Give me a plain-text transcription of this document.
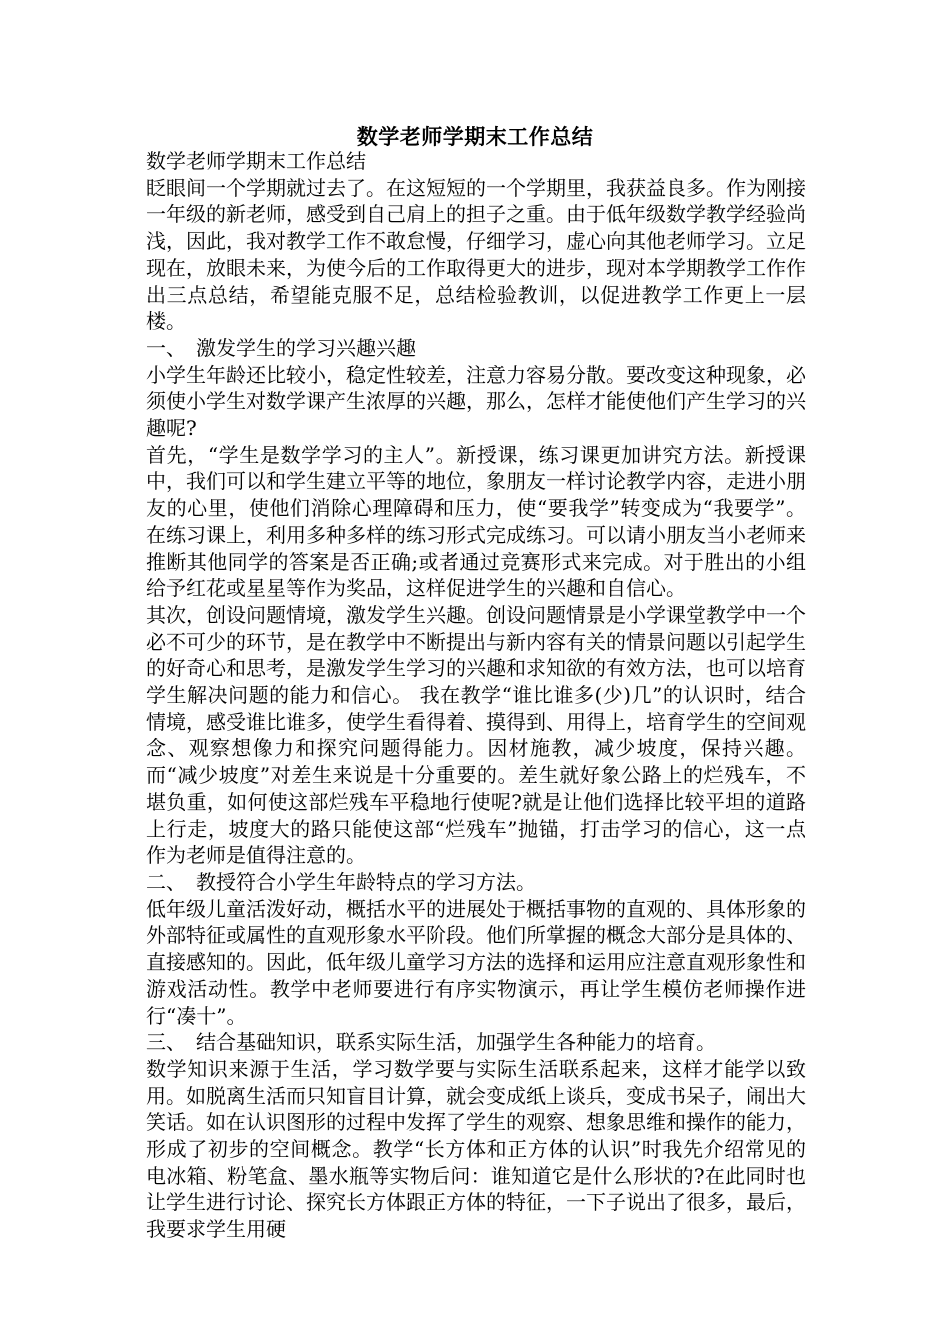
数学老师学期末工作总结

数学老师学期末工作总结

眨眼间一个学期就过去了。在这短短的一个学期里，我获益良多。作为刚接一年级的新老师，感受到自己肩上的担子之重。由于低年级数学教学经验尚浅，因此，我对教学工作不敢怠慢，仔细学习，虚心向其他老师学习。立足现在，放眼未来，为使今后的工作取得更大的进步，现对本学期教学工作作出三点总结，希望能克服不足，总结检验教训，以促进教学工作更上一层楼。

一、　激发学生的学习兴趣兴趣

小学生年龄还比较小，稳定性较差，注意力容易分散。要改变这种现象，必须使小学生对数学课产生浓厚的兴趣，那么，怎样才能使他们产生学习的兴趣呢?

首先，“学生是数学学习的主人”。新授课，练习课更加讲究方法。新授课中，我们可以和学生建立平等的地位，象朋友一样讨论教学内容，走进小朋友的心里，使他们消除心理障碍和压力，使“要我学”转变成为“我要学”。在练习课上，利用多种多样的练习形式完成练习。可以请小朋友当小老师来推断其他同学的答案是否正确;或者通过竞赛形式来完成。对于胜出的小组给予红花或星星等作为奖品，这样促进学生的兴趣和自信心。

其次，创设问题情境，激发学生兴趣。创设问题情景是小学课堂教学中一个必不可少的环节，是在教学中不断提出与新内容有关的情景问题以引起学生的好奇心和思考，是激发学生学习的兴趣和求知欲的有效方法，也可以培育学生解决问题的能力和信心。 我在教学“谁比谁多(少)几”的认识时，结合情境，感受谁比谁多，使学生看得着、摸得到、用得上，培育学生的空间观念、观察想像力和探究问题得能力。因材施教，减少坡度，保持兴趣。而“减少坡度”对差生来说是十分重要的。差生就好象公路上的烂残车，不堪负重，如何使这部烂残车平稳地行使呢?就是让他们选择比较平坦的道路上行走，坡度大的路只能使这部“烂残车”抛锚，打击学习的信心，这一点作为老师是值得注意的。

二、　教授符合小学生年龄特点的学习方法。

低年级儿童活泼好动，概括水平的进展处于概括事物的直观的、具体形象的外部特征或属性的直观形象水平阶段。他们所掌握的概念大部分是具体的、直接感知的。因此，低年级儿童学习方法的选择和运用应注意直观形象性和游戏活动性。教学中老师要进行有序实物演示，再让学生模仿老师操作进行“凑十”。

三、　结合基础知识，联系实际生活，加强学生各种能力的培育。

数学知识来源于生活，学习数学要与实际生活联系起来，这样才能学以致用。如脱离生活而只知盲目计算，就会变成纸上谈兵，变成书呆子，闹出大笑话。如在认识图形的过程中发挥了学生的观察、想象思维和操作的能力，形成了初步的空间概念。教学“长方体和正方体的认识”时我先介绍常见的电冰箱、粉笔盒、墨水瓶等实物后问：谁知道它是什么形状的?在此同时也让学生进行讨论、探究长方体跟正方体的特征，一下子说出了很多，最后，我要求学生用硬
